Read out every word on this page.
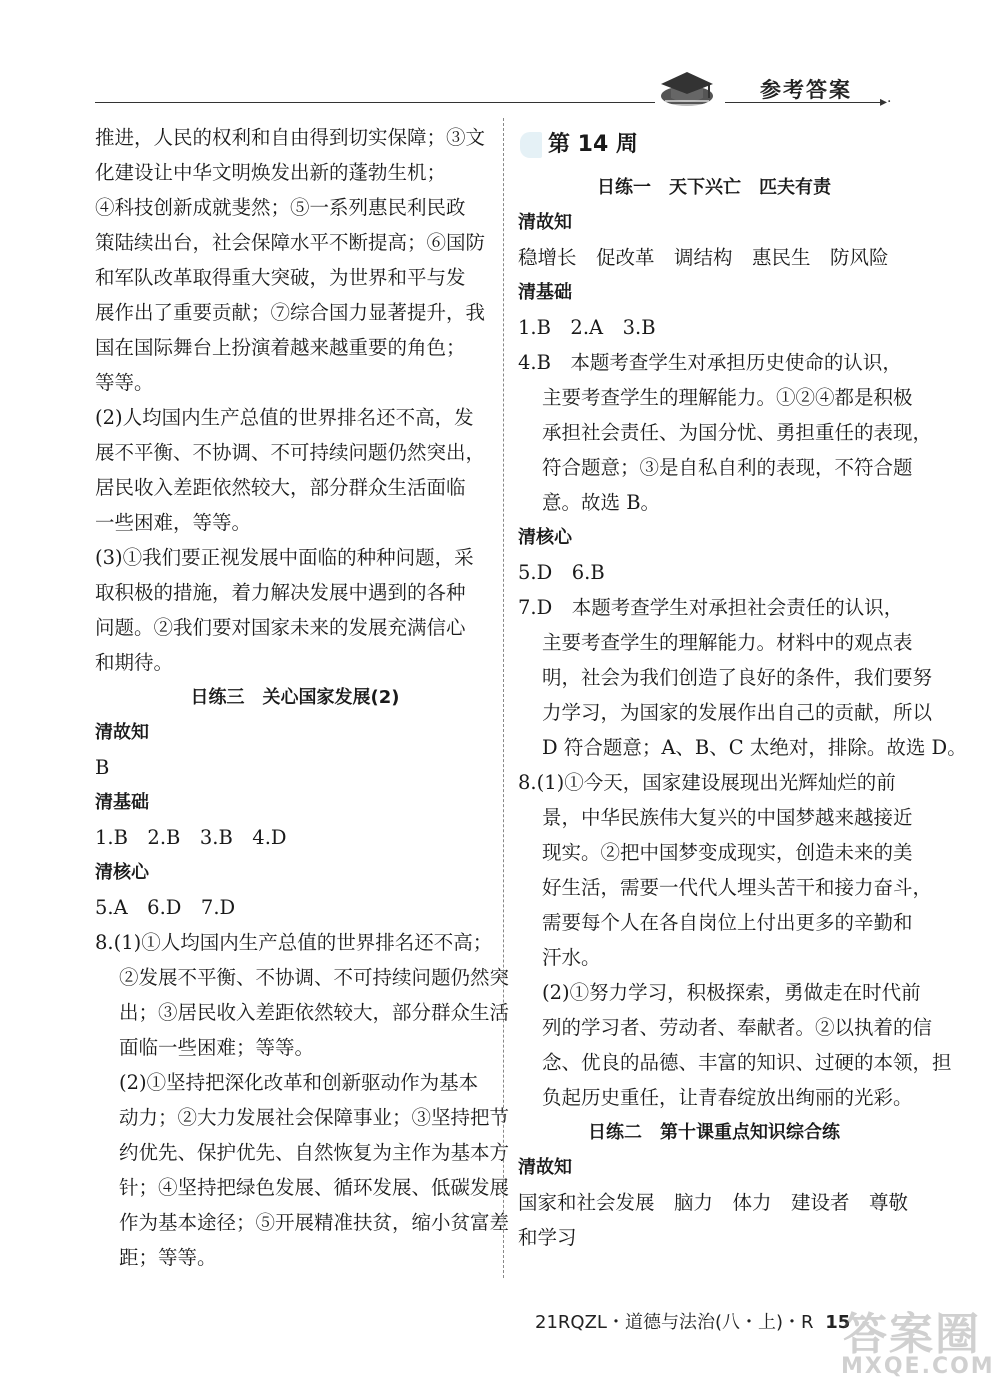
参考答案 ▸·
推进，人民的权利和自由得到切实保障；③文
化建设让中华文明焕发出新的蓬勃生机；
④科技创新成就斐然；⑤一系列惠民利民政
策陆续出台，社会保障水平不断提高；⑥国防
和军队改革取得重大突破，为世界和平与发
展作出了重要贡献；⑦综合国力显著提升，我
国在国际舞台上扮演着越来越重要的角色；
等等。
(2)人均国内生产总值的世界排名还不高，发
展不平衡、不协调、不可持续问题仍然突出，
居民收入差距依然较大，部分群众生活面临
一些困难，等等。
(3)①我们要正视发展中面临的种种问题，采
取积极的措施，着力解决发展中遇到的各种
问题。②我们要对国家未来的发展充满信心
和期待。
日练三　关心国家发展(2)
清故知
B
清基础
1.B　2.B　3.B　4.D
清核心
5.A　6.D　7.D
8.(1)①人均国内生产总值的世界排名还不高；
②发展不平衡、不协调、不可持续问题仍然突
出；③居民收入差距依然较大，部分群众生活
面临一些困难；等等。
(2)①坚持把深化改革和创新驱动作为基本
动力；②大力发展社会保障事业；③坚持把节
约优先、保护优先、自然恢复为主作为基本方
针；④坚持把绿色发展、循环发展、低碳发展
作为基本途径；⑤开展精准扶贫，缩小贫富差
距；等等。
第 14 周
日练一　天下兴亡　匹夫有责
清故知
稳增长　促改革　调结构　惠民生　防风险
清基础
1.B　2.A　3.B
4.B　本题考查学生对承担历史使命的认识，
主要考查学生的理解能力。①②④都是积极
承担社会责任、为国分忧、勇担重任的表现，
符合题意；③是自私自利的表现，不符合题
意。故选 B。
清核心
5.D　6.B
7.D　本题考查学生对承担社会责任的认识，
主要考查学生的理解能力。材料中的观点表
明，社会为我们创造了良好的条件，我们要努
力学习，为国家的发展作出自己的贡献，所以
D 符合题意；A、B、C 太绝对，排除。故选 D。
8.(1)①今天，国家建设展现出光辉灿烂的前
景，中华民族伟大复兴的中国梦越来越接近
现实。②把中国梦变成现实，创造未来的美
好生活，需要一代代人埋头苦干和接力奋斗，
需要每个人在各自岗位上付出更多的辛勤和
汗水。
(2)①努力学习，积极探索，勇做走在时代前
列的学习者、劳动者、奉献者。②以执着的信
念、优良的品德、丰富的知识、过硬的本领，担
负起历史重任，让青春绽放出绚丽的光彩。
日练二　第十课重点知识综合练
清故知
国家和社会发展　脑力　体力　建设者　尊敬
和学习
21RQZL・道德与法治(八・上)・R 15
答案圈
MXQE.COM
